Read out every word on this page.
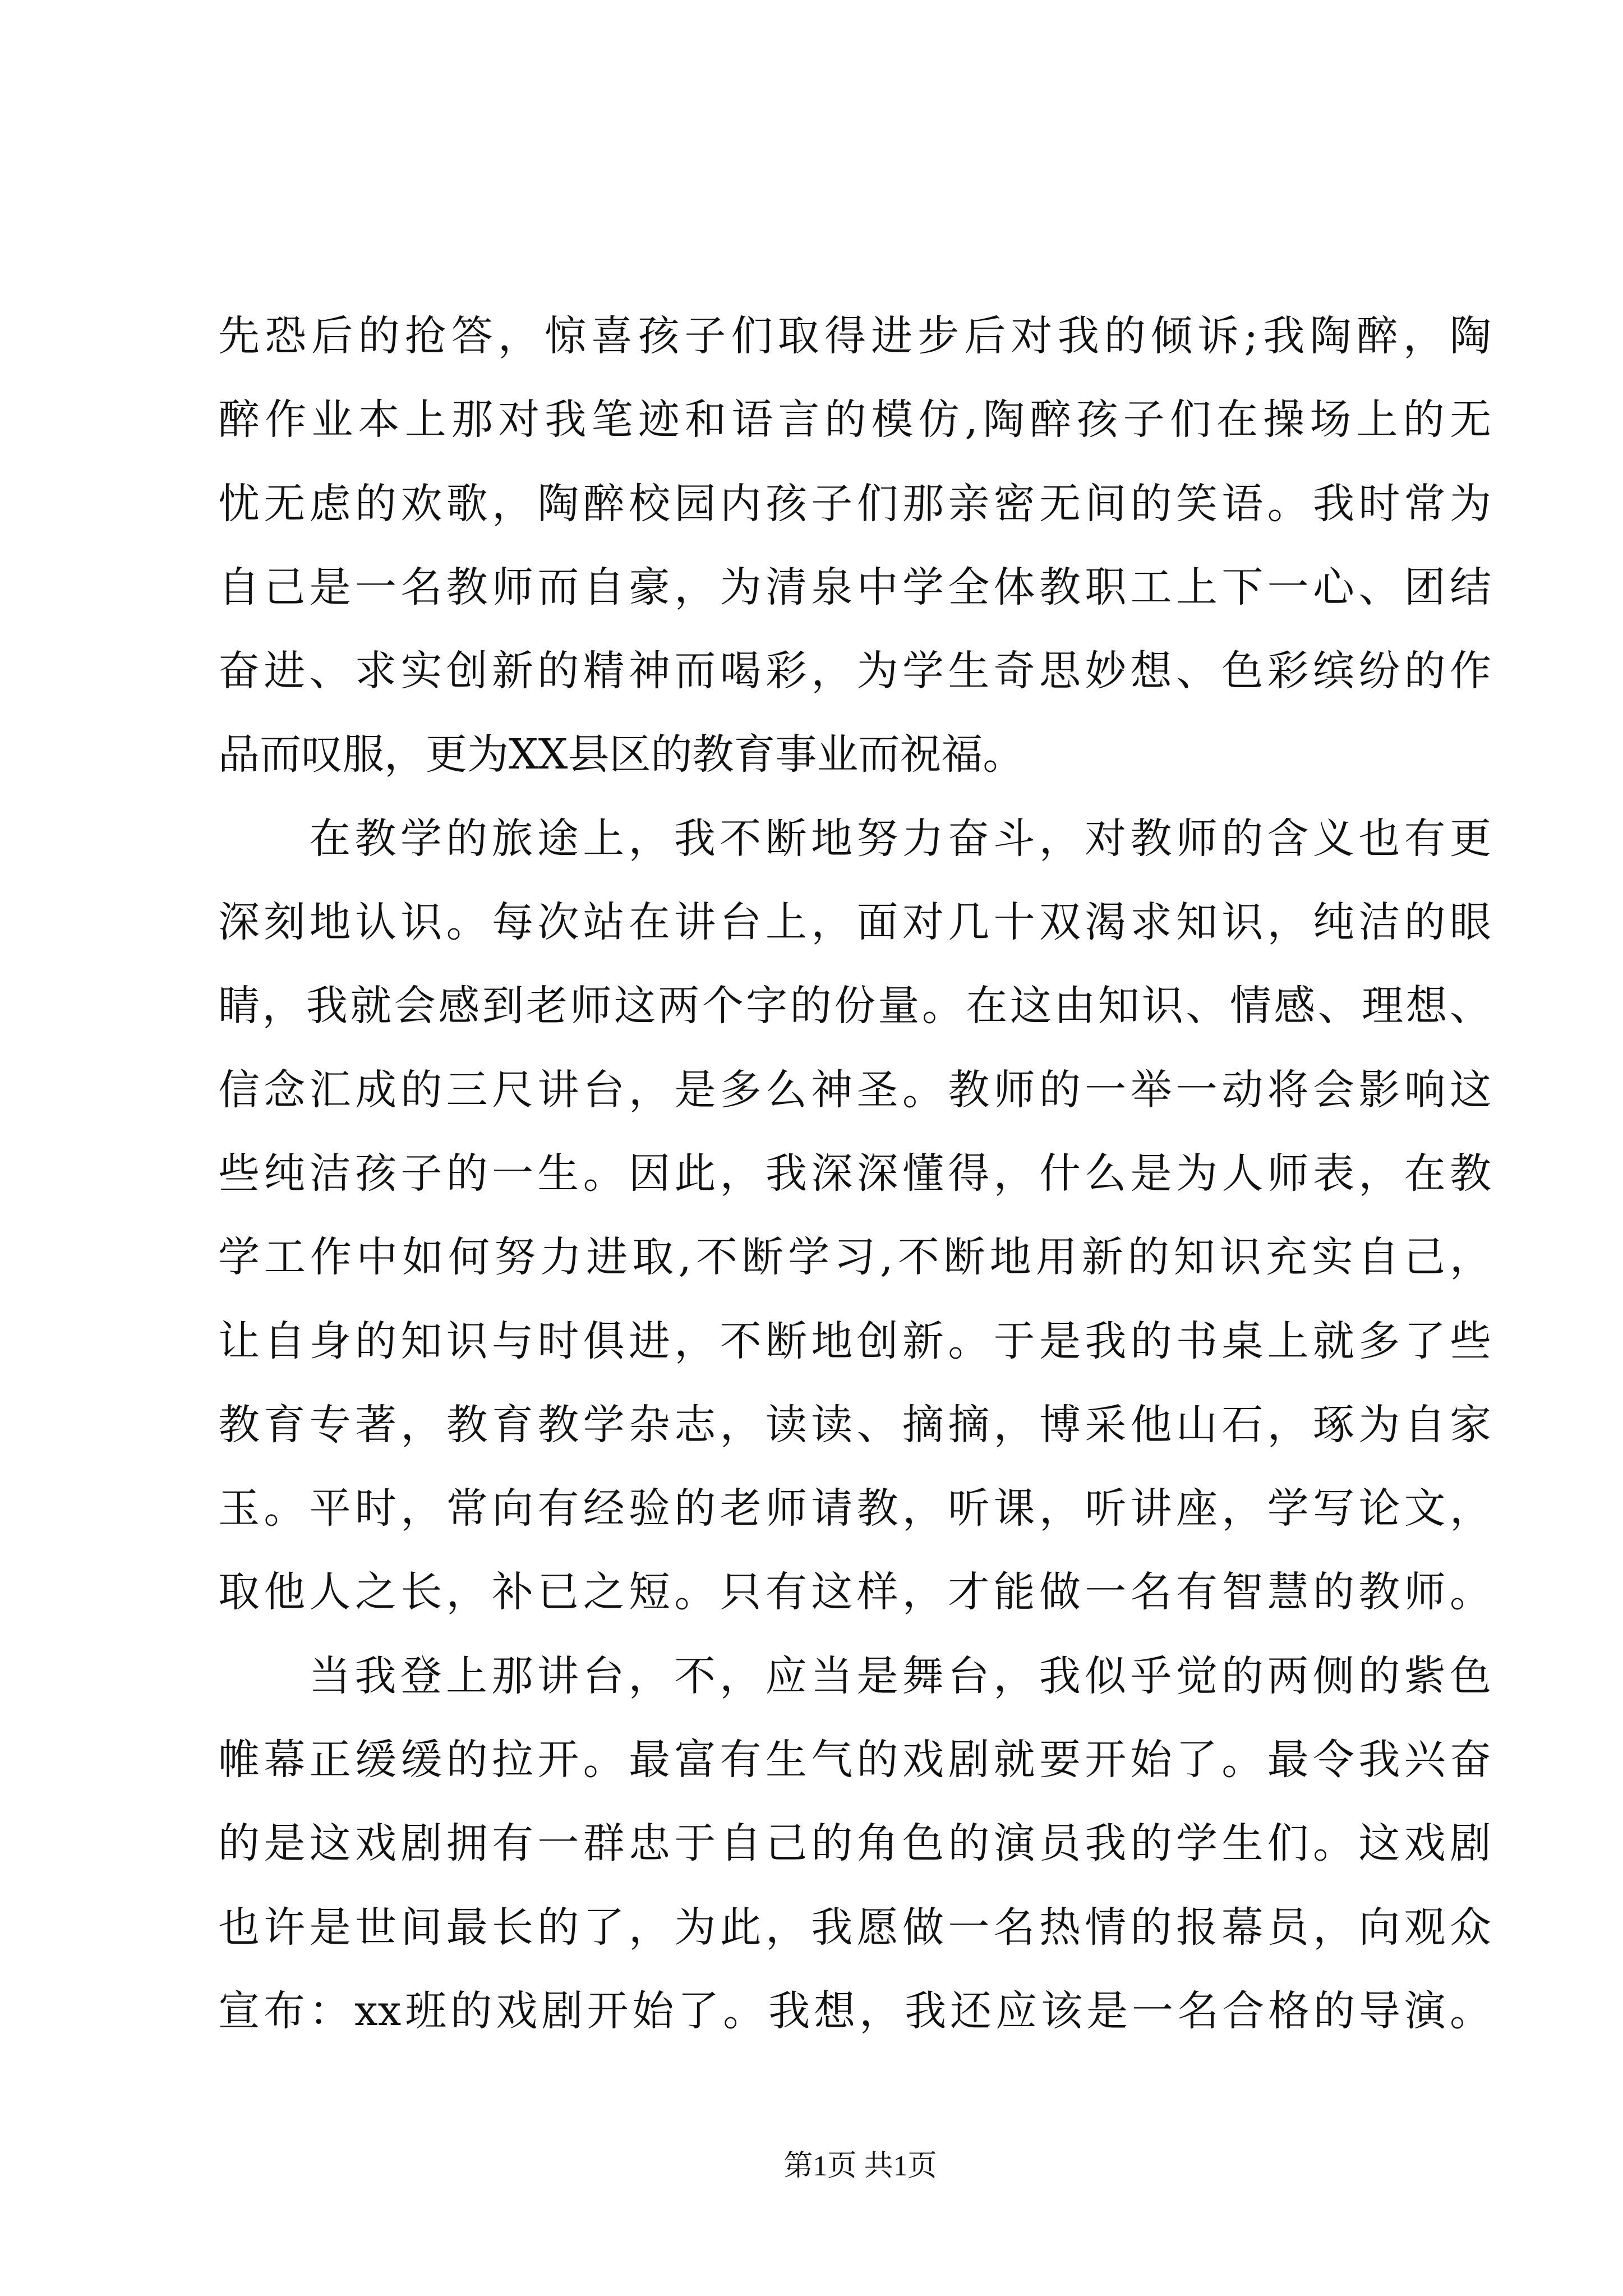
先恐后的抢答，惊喜孩子们取得进步后对我的倾诉;我陶醉，陶
醉作业本上那对我笔迹和语言的模仿,陶醉孩子们在操场上的无
忧无虑的欢歌，陶醉校园内孩子们那亲密无间的笑语。我时常为
自己是一名教师而自豪，为清泉中学全体教职工上下一心、团结
奋进、求实创新的精神而喝彩，为学生奇思妙想、色彩缤纷的作
品而叹服，更为XX县区的教育事业而祝福。
在教学的旅途上，我不断地努力奋斗，对教师的含义也有更
深刻地认识。每次站在讲台上，面对几十双渴求知识，纯洁的眼
睛，我就会感到老师这两个字的份量。在这由知识、情感、理想、
信念汇成的三尺讲台，是多么神圣。教师的一举一动将会影响这
些纯洁孩子的一生。因此，我深深懂得，什么是为人师表，在教
学工作中如何努力进取,不断学习,不断地用新的知识充实自己，
让自身的知识与时俱进，不断地创新。于是我的书桌上就多了些
教育专著，教育教学杂志，读读、摘摘，博采他山石，琢为自家
玉。平时，常向有经验的老师请教，听课，听讲座，学写论文，
取他人之长，补已之短。只有这样，才能做一名有智慧的教师。
当我登上那讲台，不，应当是舞台，我似乎觉的两侧的紫色
帷幕正缓缓的拉开。最富有生气的戏剧就要开始了。最令我兴奋
的是这戏剧拥有一群忠于自己的角色的演员我的学生们。这戏剧
也许是世间最长的了，为此，我愿做一名热情的报幕员，向观众
宣布：xx班的戏剧开始了。我想，我还应该是一名合格的导演。
第1页 共1页
